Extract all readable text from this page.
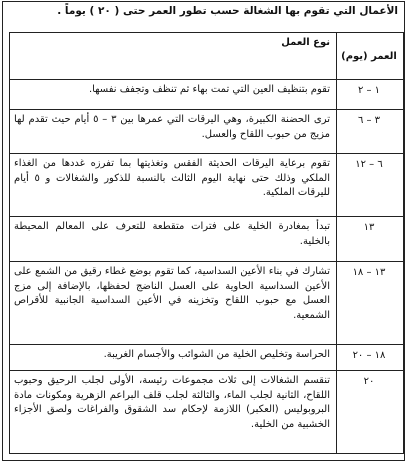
الأعمال التي تقوم بها الشغالة حسب تطور العمر حتى ( ٢٠ ) يوماً .
العمر (يوم)	نوع العمل
١ – ٢	تقوم بتنظيف العين التي تمت بهاء ثم تنظف وتجفف نفسها.
٣ – ٦	ترى الحضنة الكبيرة، وهي اليرقات التي عمرها بين ٣ – ٥ أيام حيث تقدم لها مزيج من حبوب اللقاح والعسل.
٦ – ١٢	تقوم برعاية اليرقات الحديثة الفقس وتغذيتها بما تفرزه غددها من الغذاء الملكي وذلك حتى نهاية اليوم الثالث بالنسبة للذكور والشغالات و ٥ أيام لليرقات الملكية.
١٣	تبدأ بمغادرة الخلية على فترات متقطعة للتعرف على المعالم المحيطة بالخلية.
١٣ – ١٨	تشارك في بناء الأعين السداسية، كما تقوم بوضع غطاء رقيق من الشمع على الأعين السداسية الحاوية على العسل الناضج لحفظها، بالإضافة إلى مزج العسل مع حبوب اللقاح وتخزينه في الأعين السداسية الجانبية للأقراص الشمعية.
١٨ – ٢٠	الحراسة وتخليص الخلية من الشوائب والأجسام الغريبة.
٢٠	تنقسم الشغالات إلى ثلاث مجموعات رئيسة، الأولى لجلب الرحيق وحبوب اللقاح، الثانية لجلب الماء، والثالثة لجلب قلف البراعم الزهرية ومكونات مادة البروبوليس (العكبر) اللازمة لإحكام سد الشقوق والفراغات ولصق الأجزاء الخشبية من الخلية.
